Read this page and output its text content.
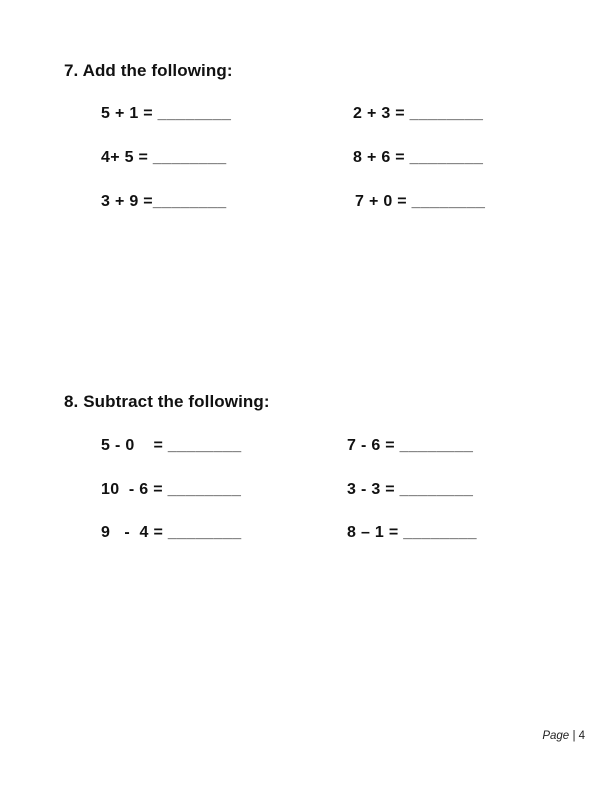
7. Add the following:
5 + 1 = ________	2 + 3 = ________
4+ 5 = ________	8 + 6 = ________
3 + 9 =________	7 + 0 = ________
8. Subtract the following:
5 - 0    = ________	7 - 6 = ________
10  - 6 = ________	3 - 3 = ________
9   -  4 = ________	8 – 1 = ________
Page | 4
